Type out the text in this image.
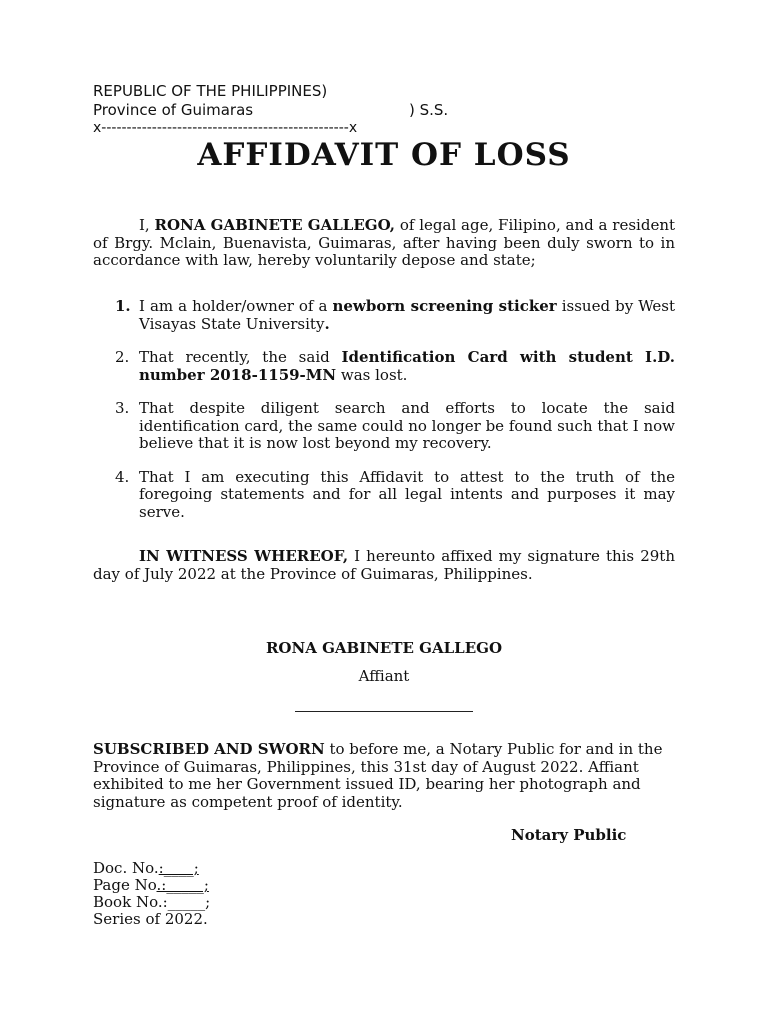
REPUBLIC OF THE PHILIPPINES)
Province of Guimaras	) S.S.
x-------------------------------------------------x
AFFIDAVIT OF LOSS
I, RONA GABINETE GALLEGO, of legal age, Filipino, and a resident of Brgy. Mclain, Buenavista, Guimaras, after having been duly sworn to in accordance with law, hereby voluntarily depose and state;
1. I am a holder/owner of a newborn screening sticker issued by West Visayas State University.
2. That recently, the said Identification Card with student I.D. number 2018-1159-MN was lost.
3. That despite diligent search and efforts to locate the said identification card, the same could no longer be found such that I now believe that it is now lost beyond my recovery.
4. That I am executing this Affidavit to attest to the truth of the foregoing statements and for all legal intents and purposes it may serve.
IN WITNESS WHEREOF, I hereunto affixed my signature this 29th day of July 2022 at the Province of Guimaras, Philippines.
RONA GABINETE GALLEGO
Affiant
SUBSCRIBED AND SWORN to before me, a Notary Public for and in the Province of Guimaras, Philippines, this 31st day of August 2022. Affiant exhibited to me her Government issued ID, bearing her photograph and signature as competent proof of identity.
Notary Public
Doc. No.:____;
Page No.:_____;
Book No.:_____;
Series of 2022.
